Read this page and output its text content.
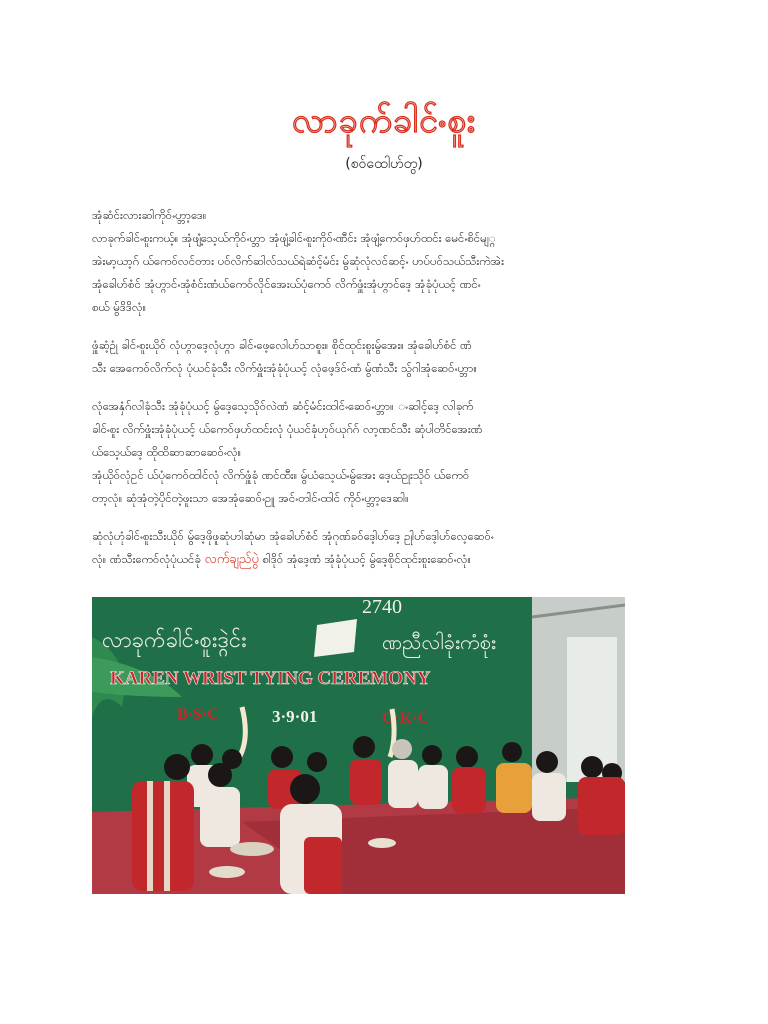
လာခုက်ခါင်ႋစူး
(စဝ်ထေါဟ်တွ)

အုံဆံင်းလားဆါကိုဝ်ႋဟ္ဘာ့ဒေ။
လာခုက်ခါင်ႋစူးကယ့်။ အုံဖျံ့သေ့ယ်ကိုဝ်ႋဟ္ဘာ အုံဖျံ့ခါင်ႋစူးကိုဝ်ႋဏီင်း အုံဖျံ့ကေဝ်ဖှဟ်ထင်း မေင်ႋစိင်မျ္ဂ
အဲးမာ့ယာ့ဂ် ယ်ကေဝ်လင်တား ပဝ်လိက်ဆါလ်သယ်ရဲဆံင့်မံင်း မွ်ဆုံလုံလင်ဆင့်ႋ ဟပ်ပဝ်သယ်သီးကဲအဲး
အုံခေါဟ်စံင် အုံဟ္ဂာင်ႋအုံစံင်းဏံယ်ကေဝ်လိုင်အေးယ်ပုံကေဝ် လိက်ဖှူံးအုံဟ္ဂာင်ဒေ့ အုံခုံပုံယင့် ဏင်ႋ
စယ် မွ်ဒိဒိလုံ။

ဖှူံဆံ့ဥုံ ခါင်ႋစူးယိုဝ် လုံဟ္ဂာဒေ့လုံဟ္ဂာ ခါင်ႋဖေ့လေါဟ်သာစူး။ စိုင်ထုင်းစူးမွ်အေး။ အုံခေါဟ်စံင် ဏံ
သီး အေကေဝ်လိက်လုံ ပုံယင်ခုံသီး လိက်ဖှူံးအုံခုံပုံယင့် လုံဖေ့ဒ်င်ႋဏံ မွ်ဏံသီး သွ်ဂါအုံဆေဝ်ႋဟ္ဘာ။

လုံအေနှံဂ်လါခုံသီး အုံခုံပုံယင့် မွ်ဒေ့သေ့သိုဝ်လဲဏံ ဆံင့်မံင်းထါင်ႋဆေဝ်ႋဟ္ဘာ။ ႋဆါင့်ဒေ့ လါခုက်
ခါင်ႋစူး လိက်ဖှူံးအုံခုံပုံယင့် ယ်ကေဝ်ဖှဟ်ထင်းလုံ ပုံယင်ခုံဟုဝ်ယုဂ်ဂ် လာ့ဏင်သီး ဆုံပါတိင်အေးဏံ
ယ်သေ့ယ်ဒေ့ ထိုထိဆာဆာဆေဝ်ႋလုံ။

အုံယိုဝ်လုံဥင် ယ်ပုံကေဝ်ထါင်လုံ လိက်ဖှူံခုံ ဏင်ထီး။ မွ်ယံသေ့ယ်ႋမွ်အေး ဒေ့ယ်ဥုးသိုဝ် ယ်ကေဝ်
တာ့လုံ။ ဆုံအုံတဲ့ပိုင်တဲ့ဖူးသာ အေအုံဆေဝ်ႋဥူ အင်ႋတါင်ႋထါင် ကိုဝ်ႋဟ္ဘာ့ဒေဆါ။

ဆုံလုံဟုံခါင်ႋစူးသီးယိုဝ် မွ်ဒေ့ဖိုဖူဆုံဟါဆုံမာ အုံခေါဟ်စံင် အုံဂုဏ်ခဝ်ဒေ့ါဟ်ဒေ့ ဥုါဟ်ဒေ့ါဟ်လေ့ဆေဝ်ႋ
လုံ။ ဏံသီးကေဝ်လုံပုံယင်ခုံ လက်ချည်ပွဲ စါဒိုဝ် အုံဒေ့ဏံ အုံခုံပုံယင့် မွ်ဒေ့စိုင်ထုင်းစူးဆေဝ်ႋလုံ။

2740
လာခုက်ခါင်ႋစူးဒ္ဂဲင်း	ဏညီလါခုံးကံစုံး
KAREN WRIST TYING CEREMONY
B·S·C	3·9·01	O·K·C
